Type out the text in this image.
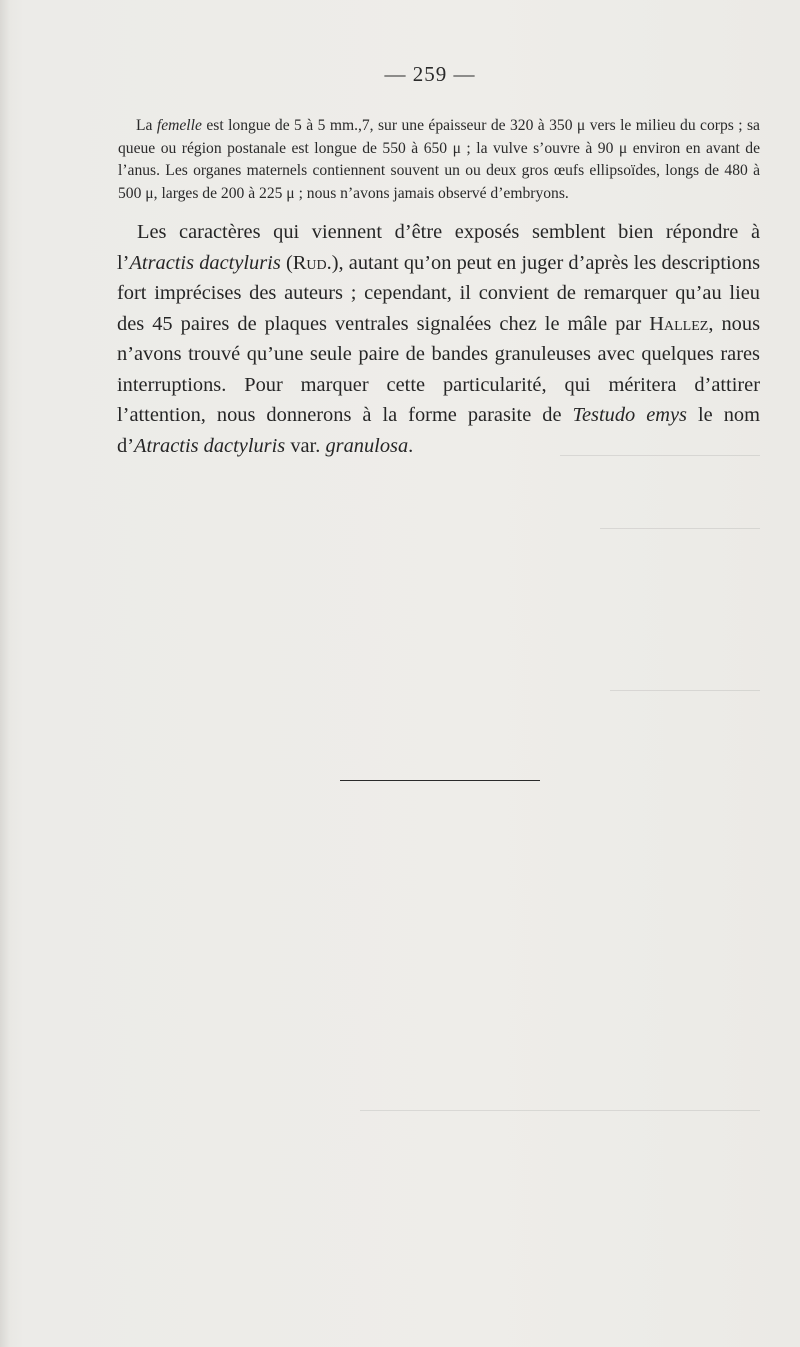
— 259 —

La femelle est longue de 5 à 5 mm.,7, sur une épaisseur de 320 à 350 μ vers le milieu du corps ; sa queue ou région postanale est longue de 550 à 650 μ ; la vulve s’ouvre à 90 μ environ en avant de l’anus. Les organes maternels contiennent souvent un ou deux gros œufs ellipsoïdes, longs de 480 à 500 μ, larges de 200 à 225 μ ; nous n’avons jamais observé d’embryons.

Les caractères qui viennent d’être exposés semblent bien répondre à l’Atractis dactyluris (Rud.), autant qu’on peut en juger d’après les descriptions fort imprécises des auteurs ; cependant, il convient de remarquer qu’au lieu des 45 paires de plaques ventrales signalées chez le mâle par Hallez, nous n’avons trouvé qu’une seule paire de bandes granuleuses avec quelques rares interruptions. Pour marquer cette particularité, qui méritera d’attirer l’attention, nous donnerons à la forme parasite de Testudo emys le nom d’Atractis dactyluris var. granulosa.
